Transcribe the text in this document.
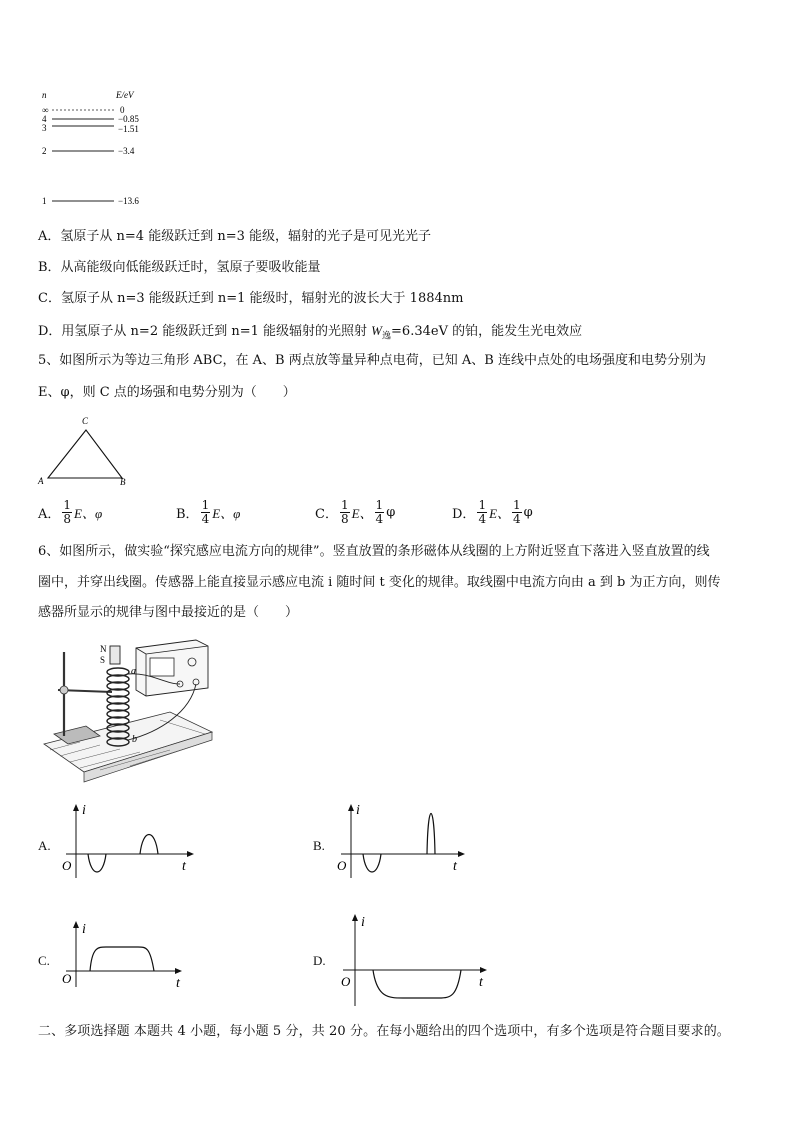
n	E/eV
∞	0
4	−0.85
3	−1.51
2	−3.4
1	−13.6
A．氢原子从 n=4 能级跃迁到 n=3 能级，辐射的光子是可见光光子
B．从高能级向低能级跃迁时，氢原子要吸收能量
C．氢原子从 n=3 能级跃迁到 n=1 能级时，辐射光的波长大于 1884nm
D．用氢原子从 n=2 能级跃迁到 n=1 能级辐射的光照射 $W_逸=6.34eV$ 的铂，能发生光电效应
5、如图所示为等边三角形 ABC，在 A、B 两点放等量异种点电荷，已知 A、B 连线中点处的电场强度和电势分别为
E、φ，则 C 点的场强和电势分别为（　　）
C
A	B
A． $\frac{1}{8}$ E、φ	B． $\frac{1}{4}$ E、φ	C． $\frac{1}{8}$ E、 $\frac{1}{4}$ φ	D． $\frac{1}{4}$ E、 $\frac{1}{4}$ φ
6、如图所示，做实验“探究感应电流方向的规律”。竖直放置的条形磁体从线圈的上方附近竖直下落进入竖直放置的线
圈中，并穿出线圈。传感器上能直接显示感应电流 i 随时间 t 变化的规律。取线圈中电流方向由 a 到 b 为正方向，则传
感器所显示的规律与图中最接近的是（　　）
N
S
a
b
A.
i
t
O
B.
i
t
O
C.
i
t
O
D.
i
t
O
二、多项选择题 本题共 4 小题，每小题 5 分，共 20 分。在每小题给出的四个选项中，有多个选项是符合题目要求的。
